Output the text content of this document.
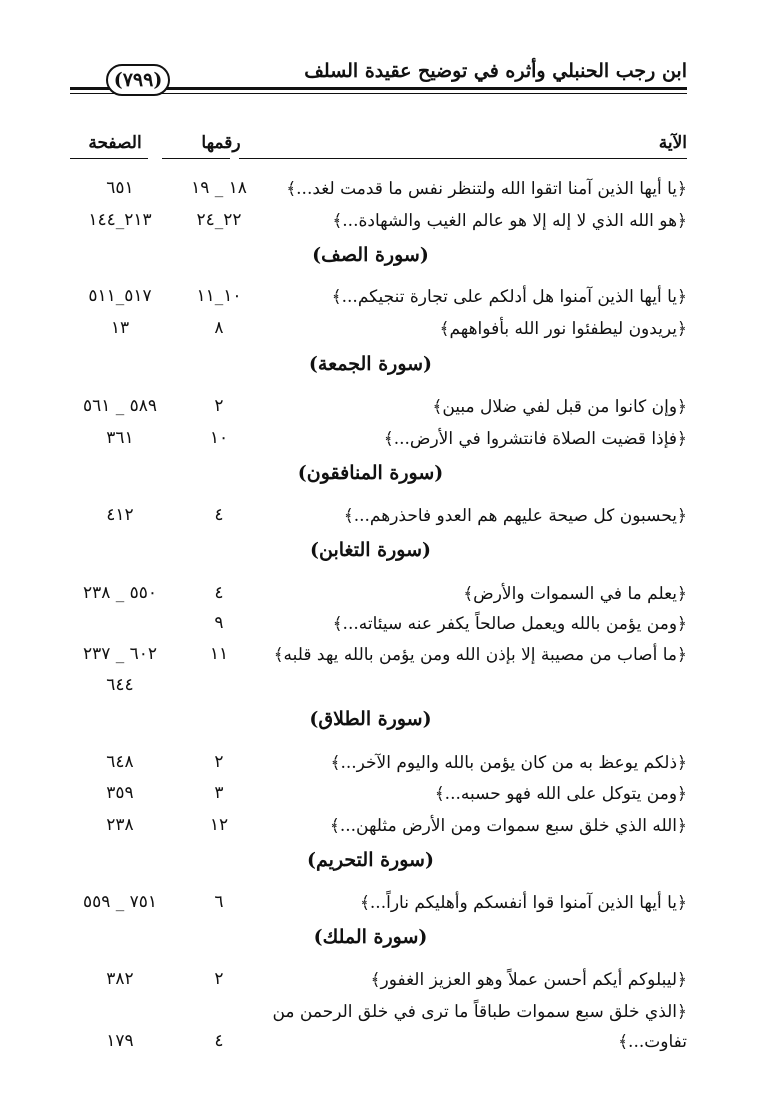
ابن رجب الحنبلي وأثره في توضيح عقيدة السلف
(٧٩٩)
الآية
رقمها
الصفحة
﴿يا أيها الذين آمنا اتقوا الله ولتنظر نفس ما قدمت لغد...﴾
١٨ _ ١٩
٦٥١
﴿هو الله الذي لا إله إلا هو عالم الغيب والشهادة...﴾
٢٢_٢٤
٢١٣_١٤٤
(سورة الصف)
﴿يا أيها الذين آمنوا هل أدلكم على تجارة تنجيكم...﴾
١٠_١١
٥١٧_٥١١
﴿يريدون ليطفئوا نور الله بأفواههم﴾
٨
١٣
(سورة الجمعة)
﴿وإن كانوا من قبل لفي ضلال مبين﴾
٢
٥٨٩ _ ٥٦١
﴿فإذا قضيت الصلاة فانتشروا في الأرض...﴾
١٠
٣٦١
(سورة المنافقون)
﴿يحسبون كل صيحة عليهم هم العدو فاحذرهم...﴾
٤
٤١٢
(سورة التغابن)
﴿يعلم ما في السموات والأرض﴾
٤
٥٥٠ _ ٢٣٨
﴿ومن يؤمن بالله ويعمل صالحاً يكفر عنه سيئاته...﴾
٩
﴿ما أصاب من مصيبة إلا بإذن الله ومن يؤمن بالله يهد قلبه﴾
١١
٦٠٢ _ ٢٣٧
٦٤٤
(سورة الطلاق)
﴿ذلكم يوعظ به من كان يؤمن بالله واليوم الآخر...﴾
٢
٦٤٨
﴿ومن يتوكل على الله فهو حسبه...﴾
٣
٣٥٩
﴿الله الذي خلق سبع سموات ومن الأرض مثلهن...﴾
١٢
٢٣٨
(سورة التحريم)
﴿يا أيها الذين آمنوا قوا أنفسكم وأهليكم ناراً...﴾
٦
٧٥١ _ ٥٥٩
(سورة الملك)
﴿ليبلوكم أيكم أحسن عملاً وهو العزيز الغفور﴾
٢
٣٨٢
﴿الذي خلق سبع سموات طباقاً ما ترى في خلق الرحمن من تفاوت...﴾
٤
١٧٩
